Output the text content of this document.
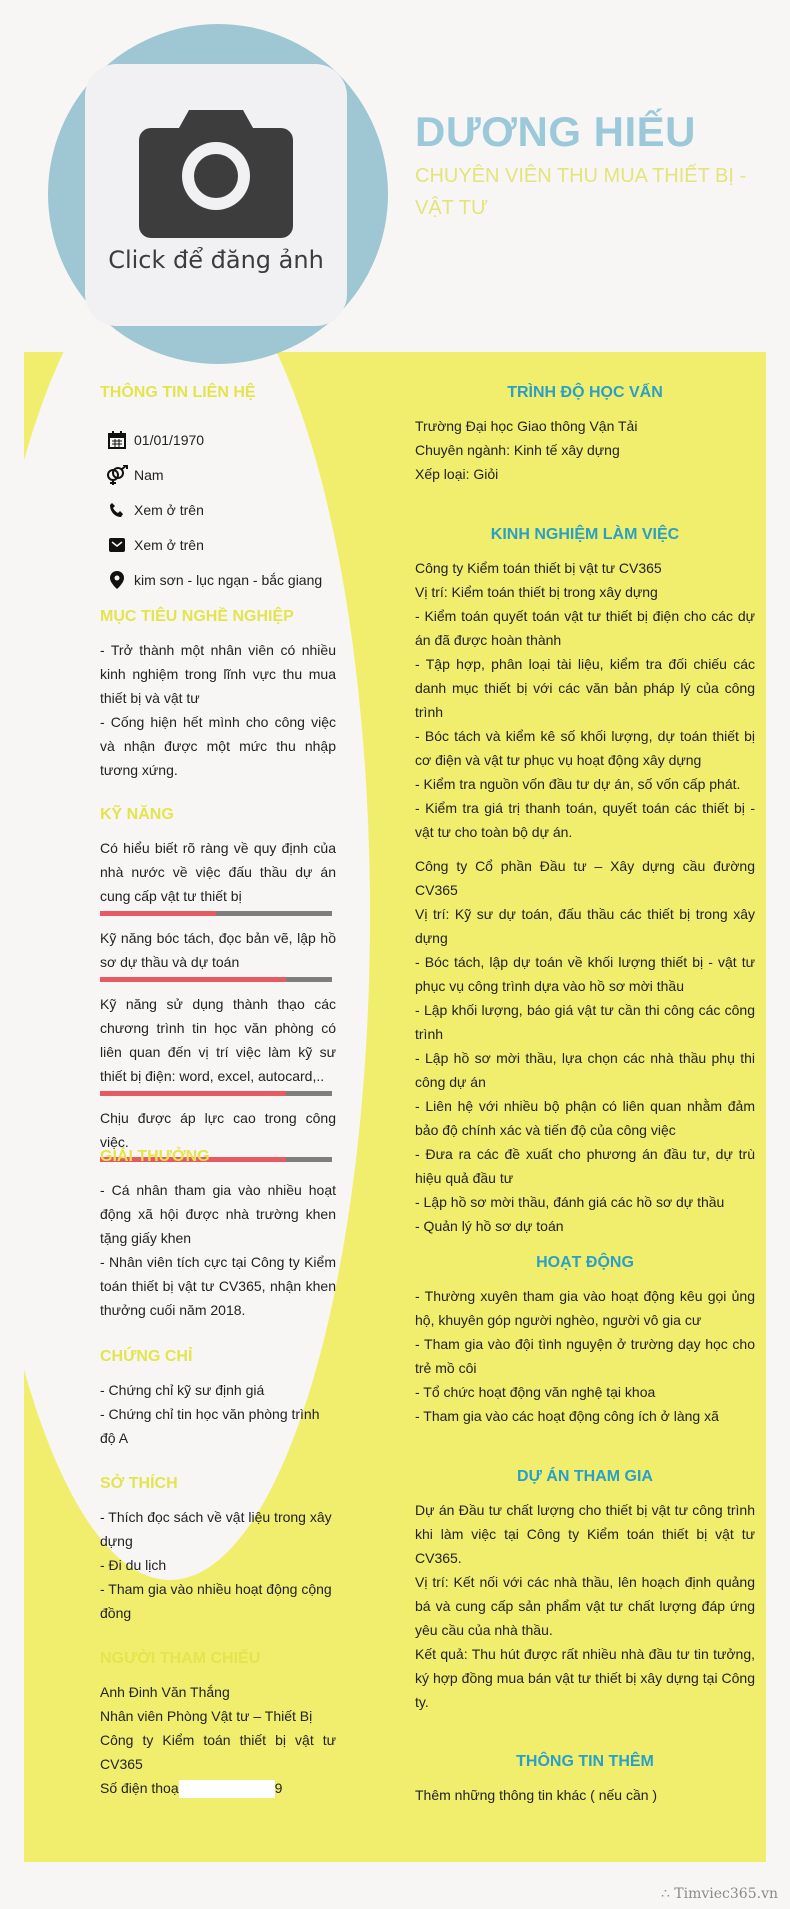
Click để đăng ảnh
DƯƠNG HIẾU
CHUYÊN VIÊN THU MUA THIẾT BỊ - VẬT TƯ
THÔNG TIN LIÊN HỆ
01/01/1970
Nam
Xem ở trên
Xem ở trên
kim sơn - lục ngạn - bắc giang
MỤC TIÊU NGHỀ NGHIỆP
- Trở thành một nhân viên có nhiều kinh nghiệm trong lĩnh vực thu mua thiết bị và vật tư
- Cống hiện hết mình cho công việc và nhận được một mức thu nhập tương xứng.
KỸ NĂNG
Có hiểu biết rõ ràng về quy định của nhà nước về việc đấu thầu dự án cung cấp vật tư thiết bị
Kỹ năng bóc tách, đọc bản vẽ, lập hồ sơ dự thầu và dự toán
Kỹ năng sử dụng thành thạo các chương trình tin học văn phòng có liên quan đến vị trí việc làm kỹ sư thiết bị điện: word, excel, autocard,..
Chịu được áp lực cao trong công việc.
GIẢI THƯỞNG
- Cá nhân tham gia vào nhiều hoạt động xã hội được nhà trường khen tặng giấy khen
- Nhân viên tích cực tại Công ty Kiểm toán thiết bị vật tư CV365, nhận khen thưởng cuối năm 2018.
CHỨNG CHỈ
- Chứng chỉ kỹ sư định giá
- Chứng chỉ tin học văn phòng trình độ A
SỞ THÍCH
- Thích đọc sách về vật liệu trong xây dựng
- Đi du lịch
- Tham gia vào nhiều hoạt động cộng đồng
NGƯỜI THAM CHIẾU
Anh Đinh Văn Thắng
Nhân viên Phòng Vật tư – Thiết Bị
Công ty Kiểm toán thiết bị vật tư CV365
Số điện thoạ	9
TRÌNH ĐỘ HỌC VẤN
Trường Đại học Giao thông Vận Tải
Chuyên ngành: Kinh tế xây dựng
Xếp loại: Giỏi
KINH NGHIỆM LÀM VIỆC
Công ty Kiểm toán thiết bị vật tư CV365
Vị trí: Kiểm toán thiết bị trong xây dựng
- Kiểm toán quyết toán vật tư thiết bị điện cho các dự án đã được hoàn thành
- Tập hợp, phân loại tài liệu, kiểm tra đối chiếu các danh mục thiết bị với các văn bản pháp lý của công trình
- Bóc tách và kiểm kê số khối lượng, dự toán thiết bị cơ điện và vật tư phục vụ hoạt động xây dựng
- Kiểm tra nguồn vốn đầu tư dự án, số vốn cấp phát.
- Kiểm tra giá trị thanh toán, quyết toán các thiết bị - vật tư cho toàn bộ dự án.
Công ty Cổ phần Đầu tư – Xây dựng cầu đường CV365
Vị trí: Kỹ sư dự toán, đấu thầu các thiết bị trong xây dựng
- Bóc tách, lập dự toán về khối lượng thiết bị - vật tư phục vụ công trình dựa vào hồ sơ mời thầu
- Lập khối lượng, báo giá vật tư cần thi công các công trình
- Lập hồ sơ mời thầu, lựa chọn các nhà thầu phụ thi công dự án
- Liên hệ với nhiều bộ phận có liên quan nhằm đảm bảo độ chính xác và tiến độ của công việc
- Đưa ra các đề xuất cho phương án đầu tư, dự trù hiệu quả đầu tư
- Lập hồ sơ mời thầu, đánh giá các hồ sơ dự thầu
- Quản lý hồ sơ dự toán
HOẠT ĐỘNG
- Thường xuyên tham gia vào hoạt động kêu gọi ủng hộ, khuyên góp người nghèo, người vô gia cư
- Tham gia vào đội tình nguyện ở trường dạy học cho trẻ mồ côi
- Tổ chức hoạt động văn nghệ tại khoa
- Tham gia vào các hoạt động công ích ở làng xã
DỰ ÁN THAM GIA
Dự án Đầu tư chất lượng cho thiết bị vật tư công trình khi làm việc tại Công ty Kiểm toán thiết bị vật tư CV365.
Vị trí: Kết nối với các nhà thầu, lên hoạch định quảng bá và cung cấp sản phẩm vật tư chất lượng đáp ứng yêu cầu của nhà thầu.
Kết quả: Thu hút được rất nhiều nhà đầu tư tin tưởng, ký hợp đồng mua bán vật tư thiết bị xây dựng tại Công ty.
THÔNG TIN THÊM
Thêm những thông tin khác ( nếu cần )
∴ Timviec365.vn
